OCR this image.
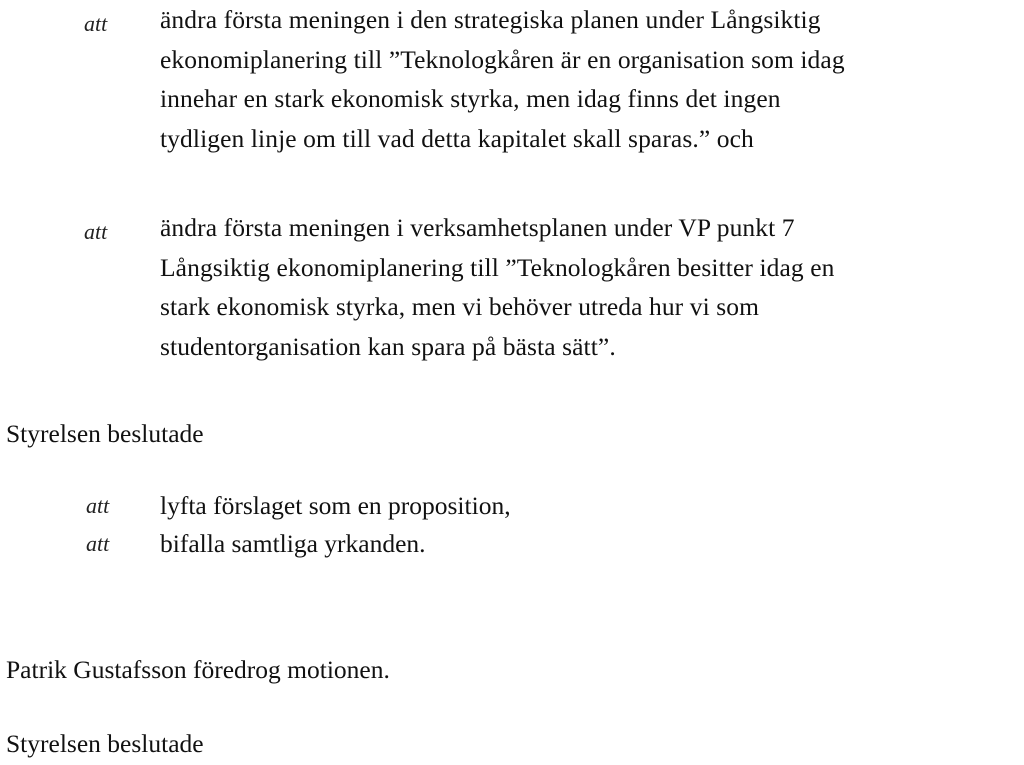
att ändra första meningen i den strategiska planen under Långsiktig
ekonomiplanering till ”Teknologkåren är en organisation som idag
innehar en stark ekonomisk styrka, men idag finns det ingen
tydligen linje om till vad detta kapitalet skall sparas.” och
att ändra första meningen i verksamhetsplanen under VP punkt 7
Långsiktig ekonomiplanering till ”Teknologkåren besitter idag en
stark ekonomisk styrka, men vi behöver utreda hur vi som
studentorganisation kan spara på bästa sätt”.
Styrelsen beslutade
att lyfta förslaget som en proposition,
att bifalla samtliga yrkanden.
Patrik Gustafsson föredrog motionen.
Styrelsen beslutade
